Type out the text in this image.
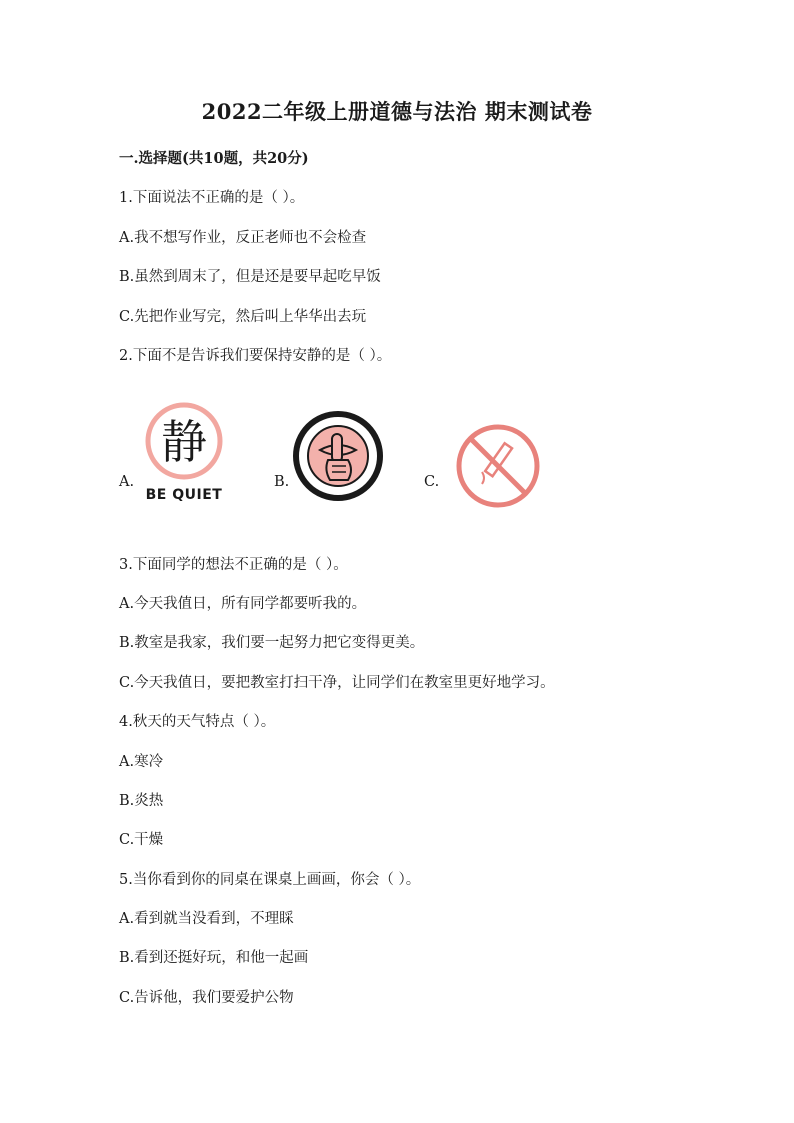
2022二年级上册道德与法治 期末测试卷
一.选择题(共10题，共20分)
1.下面说法不正确的是（ ）。
A.我不想写作业，反正老师也不会检查
B.虽然到周末了，但是还是要早起吃早饭
C.先把作业写完，然后叫上华华出去玩
2.下面不是告诉我们要保持安静的是（ ）。
A.
静
BE QUIET
B.	C.
3.下面同学的想法不正确的是（ ）。
A.今天我值日，所有同学都要听我的。
B.教室是我家，我们要一起努力把它变得更美。
C.今天我值日，要把教室打扫干净，让同学们在教室里更好地学习。
4.秋天的天气特点（ ）。
A.寒冷
B.炎热
C.干燥
5.当你看到你的同桌在课桌上画画，你会（ ）。
A.看到就当没看到，不理睬
B.看到还挺好玩，和他一起画
C.告诉他，我们要爱护公物
